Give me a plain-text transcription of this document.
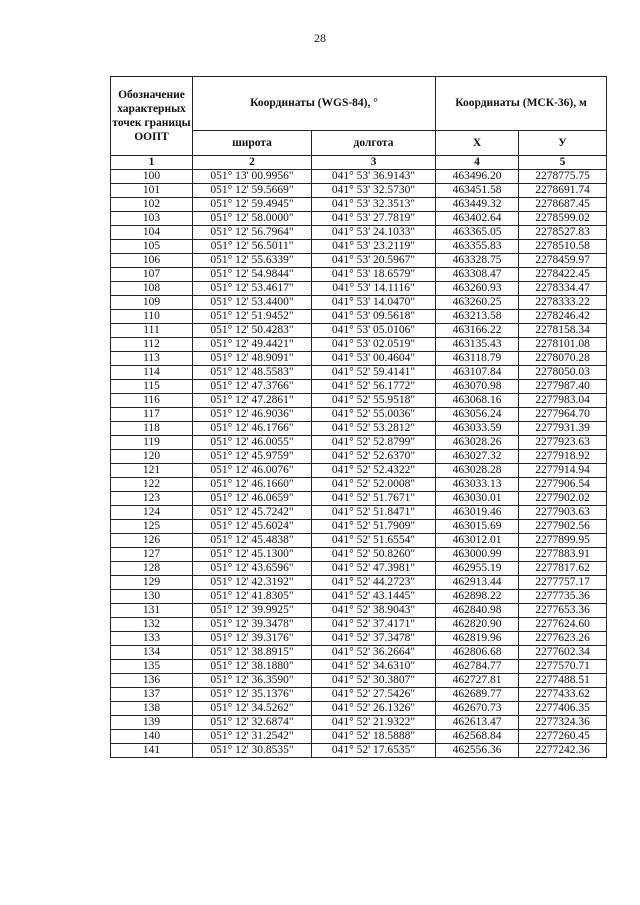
28
Обозначение характерных точек границы ООПТ	Координаты (WGS-84), °		Координаты (МСК-36), м	
	широта	долгота	X	У
1	2	3	4	5
100	051° 13' 00.9956"	041° 53' 36.9143"	463496.20	2278775.75
101	051° 12' 59.5669"	041° 53' 32.5730"	463451.58	2278691.74
102	051° 12' 59.4945"	041° 53' 32.3513"	463449.32	2278687.45
103	051° 12' 58.0000"	041° 53' 27.7819"	463402.64	2278599.02
104	051° 12' 56.7964"	041° 53' 24.1033"	463365.05	2278527.83
105	051° 12' 56.5011"	041° 53' 23.2119"	463355.83	2278510.58
106	051° 12' 55.6339"	041° 53' 20.5967"	463328.75	2278459.97
107	051° 12' 54.9844"	041° 53' 18.6579"	463308.47	2278422.45
108	051° 12' 53.4617"	041° 53' 14.1116"	463260.93	2278334.47
109	051° 12' 53.4400"	041° 53' 14.0470"	463260.25	2278333.22
110	051° 12' 51.9452"	041° 53' 09.5618"	463213.58	2278246.42
111	051° 12' 50.4283"	041° 53' 05.0106"	463166.22	2278158.34
112	051° 12' 49.4421"	041° 53' 02.0519"	463135.43	2278101.08
113	051° 12' 48.9091"	041° 53' 00.4604"	463118.79	2278070.28
114	051° 12' 48.5583"	041° 52' 59.4141"	463107.84	2278050.03
115	051° 12' 47.3766"	041° 52' 56.1772"	463070.98	2277987.40
116	051° 12' 47.2861"	041° 52' 55.9518"	463068.16	2277983.04
117	051° 12' 46.9036"	041° 52' 55.0036"	463056.24	2277964.70
118	051° 12' 46.1766"	041° 52' 53.2812"	463033.59	2277931.39
119	051° 12' 46.0055"	041° 52' 52.8799"	463028.26	2277923.63
120	051° 12' 45.9759"	041° 52' 52.6370"	463027.32	2277918.92
121	051° 12' 46.0076"	041° 52' 52.4322"	463028.28	2277914.94
122	051° 12' 46.1660"	041° 52' 52.0008"	463033.13	2277906.54
123	051° 12' 46.0659"	041° 52' 51.7671"	463030.01	2277902.02
124	051° 12' 45.7242"	041° 52' 51.8471"	463019.46	2277903.63
125	051° 12' 45.6024"	041° 52' 51.7909"	463015.69	2277902.56
126	051° 12' 45.4838"	041° 52' 51.6554"	463012.01	2277899.95
127	051° 12' 45.1300"	041° 52' 50.8260"	463000.99	2277883.91
128	051° 12' 43.6596"	041° 52' 47.3981"	462955.19	2277817.62
129	051° 12' 42.3192"	041° 52' 44.2723"	462913.44	2277757.17
130	051° 12' 41.8305"	041° 52' 43.1445"	462898.22	2277735.36
131	051° 12' 39.9925"	041° 52' 38.9043"	462840.98	2277653.36
132	051° 12' 39.3478"	041° 52' 37.4171"	462820.90	2277624.60
133	051° 12' 39.3176"	041° 52' 37.3478"	462819.96	2277623.26
134	051° 12' 38.8915"	041° 52' 36.2664"	462806.68	2277602.34
135	051° 12' 38.1880"	041° 52' 34.6310"	462784.77	2277570.71
136	051° 12' 36.3590"	041° 52' 30.3807"	462727.81	2277488.51
137	051° 12' 35.1376"	041° 52' 27.5426"	462689.77	2277433.62
138	051° 12' 34.5262"	041° 52' 26.1326"	462670.73	2277406.35
139	051° 12' 32.6874"	041° 52' 21.9322"	462613.47	2277324.36
140	051° 12' 31.2542"	041° 52' 18.5888"	462568.84	2277260.45
141	051° 12' 30.8535"	041° 52' 17.6535"	462556.36	2277242.36
